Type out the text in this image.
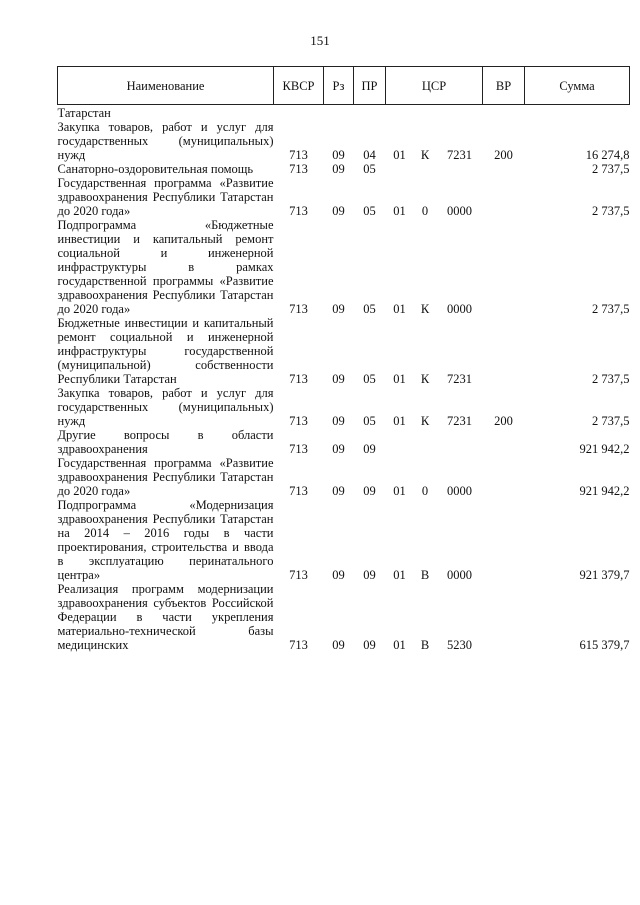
151
Наименование	КВСР	Рз	ПР	ЦСР			ВР	Сумма
Татарстан								
Закупка товаров, работ и услуг для государственных (муниципальных) нужд	713	09	04	01	К	7231	200	16 274,8
Санаторно-оздоровительная помощь	713	09	05					2 737,5
Государственная программа «Развитие здравоохранения Республики Татарстан до 2020 года»	713	09	05	01	0	0000		2 737,5
Подпрограмма «Бюджетные инвестиции и капитальный ремонт социальной и инженерной инфраструктуры в рамках государственной программы «Развитие здравоохранения Республики Татарстан до 2020 года»	713	09	05	01	К	0000		2 737,5
Бюджетные инвестиции и капитальный ремонт социальной и инженерной инфраструктуры государственной (муниципальной) собственности Республики Татарстан	713	09	05	01	К	7231		2 737,5
Закупка товаров, работ и услуг для государственных (муниципальных) нужд	713	09	05	01	К	7231	200	2 737,5
Другие вопросы в области здравоохранения	713	09	09					921 942,2
Государственная программа «Развитие здравоохранения Республики Татарстан до 2020 года»	713	09	09	01	0	0000		921 942,2
Подпрограмма «Модернизация здравоохранения Республики Татарстан на 2014 – 2016 годы в части проектирования, строительства и ввода в эксплуатацию перинатального центра»	713	09	09	01	В	0000		921 379,7
Реализация программ модернизации здравоохранения субъектов Российской Федерации в части укрепления материально-технической базы медицинских	713	09	09	01	В	5230		615 379,7
